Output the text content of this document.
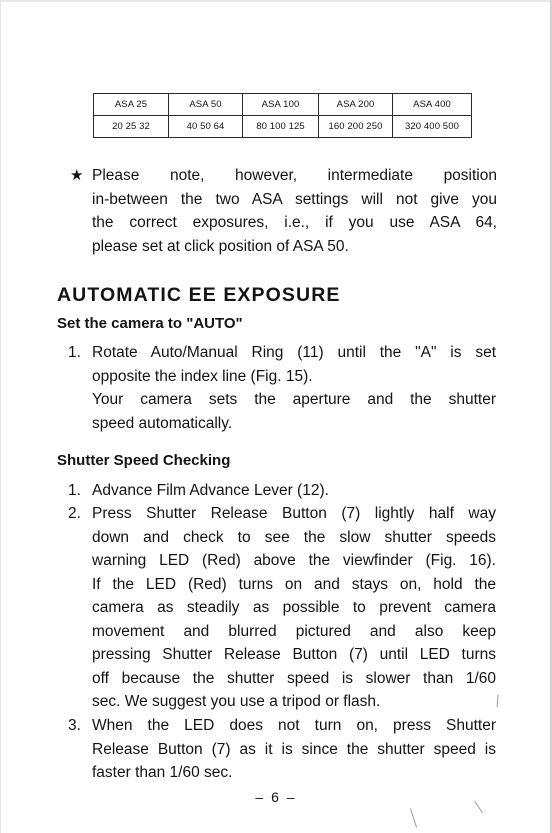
ASA 25	ASA 50	ASA 100	ASA 200	ASA 400
20 25 32	40 50 64	80 100 125	160 200 250	320 400 500
★ Please note, however, intermediate position
in-between the two ASA settings will not give you
the correct exposures, i.e., if you use ASA 64,
please set at click position of ASA 50.
AUTOMATIC EE EXPOSURE
Set the camera to "AUTO"
1. Rotate Auto/Manual Ring (11) until the "A" is set
opposite the index line (Fig. 15).
Your camera sets the aperture and the shutter
speed automatically.
Shutter Speed Checking
1. Advance Film Advance Lever (12).
2. Press Shutter Release Button (7) lightly half way
down and check to see the slow shutter speeds
warning LED (Red) above the viewfinder (Fig. 16).
If the LED (Red) turns on and stays on, hold the
camera as steadily as possible to prevent camera
movement and blurred pictured and also keep
pressing Shutter Release Button (7) until LED turns
off because the shutter speed is slower than 1/60
sec. We suggest you use a tripod or flash.
3. When the LED does not turn on, press Shutter
Release Button (7) as it is since the shutter speed is
faster than 1/60 sec.
– 6 –
